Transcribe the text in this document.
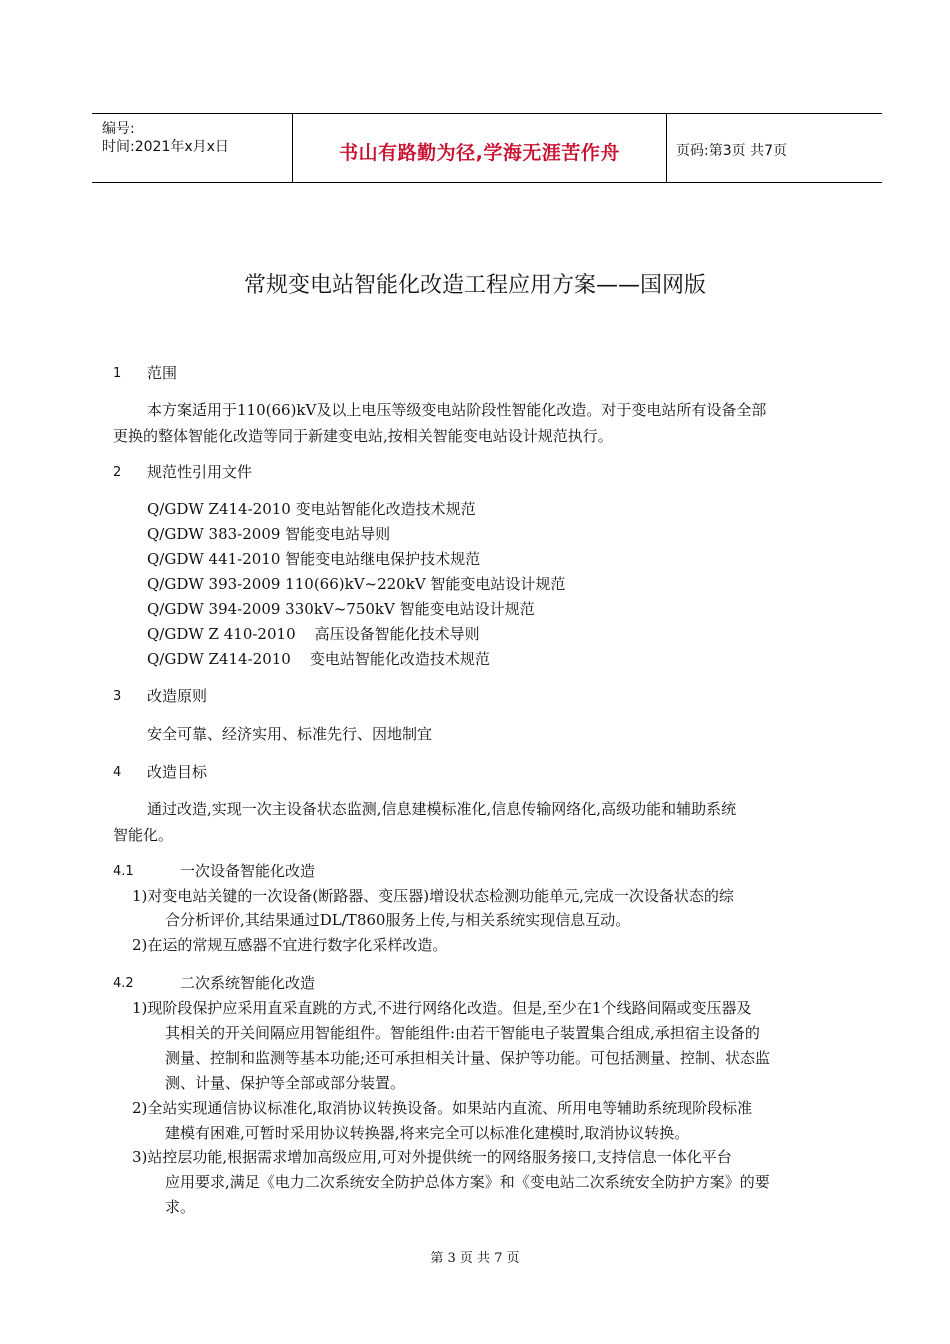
编号:
时间:2021年x月x日	书山有路勤为径,学海无涯苦作舟	页码:第3页 共7页
常规变电站智能化改造工程应用方案——国网版
1 范围
本方案适用于110(66)kV及以上电压等级变电站阶段性智能化改造。对于变电站所有设备全部
更换的整体智能化改造等同于新建变电站,按相关智能变电站设计规范执行。
2 规范性引用文件
Q/GDW Z414-2010 变电站智能化改造技术规范
Q/GDW 383-2009 智能变电站导则
Q/GDW 441-2010 智能变电站继电保护技术规范
Q/GDW 393-2009 110(66)kV~220kV 智能变电站设计规范
Q/GDW 394-2009 330kV~750kV 智能变电站设计规范
Q/GDW Z 410-2010    高压设备智能化技术导则
Q/GDW Z414-2010    变电站智能化改造技术规范
3 改造原则
安全可靠、经济实用、标准先行、因地制宜
4 改造目标
通过改造,实现一次主设备状态监测,信息建模标准化,信息传输网络化,高级功能和辅助系统
智能化。
4.1	一次设备智能化改造
1)对变电站关键的一次设备(断路器、变压器)增设状态检测功能单元,完成一次设备状态的综
合分析评价,其结果通过DL/T860服务上传,与相关系统实现信息互动。
2)在运的常规互感器不宜进行数字化采样改造。
4.2	二次系统智能化改造
1)现阶段保护应采用直采直跳的方式,不进行网络化改造。但是,至少在1个线路间隔或变压器及
其相关的开关间隔应用智能组件。智能组件:由若干智能电子装置集合组成,承担宿主设备的
测量、控制和监测等基本功能;还可承担相关计量、保护等功能。可包括测量、控制、状态监
测、计量、保护等全部或部分装置。
2)全站实现通信协议标准化,取消协议转换设备。如果站内直流、所用电等辅助系统现阶段标准
建模有困难,可暂时采用协议转换器,将来完全可以标准化建模时,取消协议转换。
3)站控层功能,根据需求增加高级应用,可对外提供统一的网络服务接口,支持信息一体化平台
应用要求,满足《电力二次系统安全防护总体方案》和《变电站二次系统安全防护方案》的要
求。
第 3 页 共 7 页
